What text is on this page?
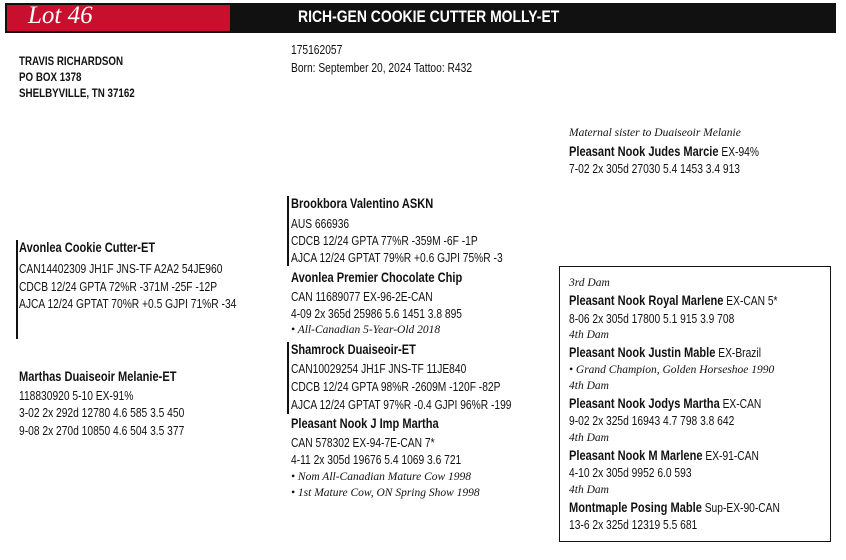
Lot 46	RICH-GEN COOKIE CUTTER MOLLY-ET
TRAVIS RICHARDSON
PO BOX 1378
SHELBYVILLE, TN 37162
175162057
Born: September 20, 2024 Tattoo: R432
Avonlea Cookie Cutter-ET
CAN14402309 JH1F JNS-TF A2A2 54JE960
CDCB 12/24 GPTA 72%R -371M -25F -12P
AJCA 12/24 GPTAT 70%R +0.5 GJPI 71%R -34
Marthas Duaiseoir Melanie-ET
118830920 5-10 EX-91%
3-02 2x 292d 12780 4.6 585 3.5 450
9-08 2x 270d 10850 4.6 504 3.5 377
Brookbora Valentino ASKN
AUS 666936
CDCB 12/24 GPTA 77%R -359M -6F -1P
AJCA 12/24 GPTAT 79%R +0.6 GJPI 75%R -3
Avonlea Premier Chocolate Chip
CAN 11689077 EX-96-2E-CAN
4-09 2x 365d 25986 5.6 1451 3.8 895
• All-Canadian 5-Year-Old 2018
Shamrock Duaiseoir-ET
CAN10029254 JH1F JNS-TF 11JE840
CDCB 12/24 GPTA 98%R -2609M -120F -82P
AJCA 12/24 GPTAT 97%R -0.4 GJPI 96%R -199
Pleasant Nook J Imp Martha
CAN 578302 EX-94-7E-CAN 7*
4-11 2x 305d 19676 5.4 1069 3.6 721
• Nom All-Canadian Mature Cow 1998
• 1st Mature Cow, ON Spring Show 1998
Maternal sister to Duaiseoir Melanie
Pleasant Nook Judes Marcie EX-94%
7-02 2x 305d 27030 5.4 1453 3.4 913
3rd Dam
Pleasant Nook Royal Marlene EX-CAN 5*
8-06 2x 305d 17800 5.1 915 3.9 708
4th Dam
Pleasant Nook Justin Mable EX-Brazil
• Grand Champion, Golden Horseshoe 1990
4th Dam
Pleasant Nook Jodys Martha EX-CAN
9-02 2x 325d 16943 4.7 798 3.8 642
4th Dam
Pleasant Nook M Marlene EX-91-CAN
4-10 2x 305d 9952 6.0 593
4th Dam
Montmaple Posing Mable Sup-EX-90-CAN
13-6 2x 325d 12319 5.5 681
